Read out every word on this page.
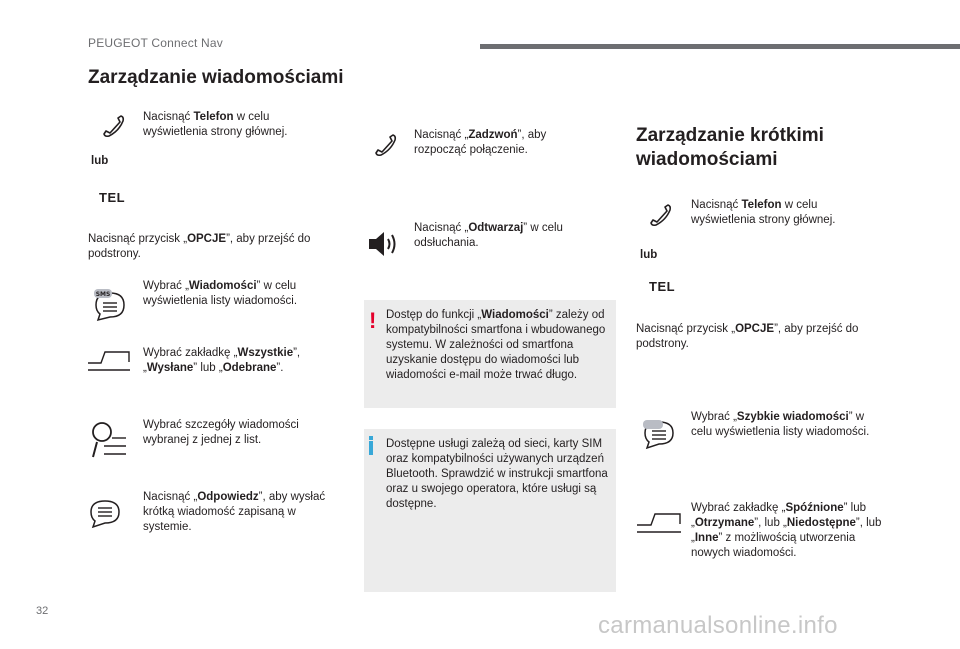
PEUGEOT Connect Nav
Zarządzanie wiadomościami
Nacisnąć Telefon w celu wyświetlenia strony głównej.
lub
TEL
Nacisnąć przycisk „OPCJE”, aby przejść do podstrony.
SMS
Wybrać „Wiadomości” w celu wyświetlenia listy wiadomości.
Wybrać zakładkę „Wszystkie”, „Wysłane” lub „Odebrane”.
Wybrać szczegóły wiadomości wybranej z jednej z list.
Nacisnąć „Odpowiedz”, aby wysłać krótką wiadomość zapisaną w systemie.
Nacisnąć „Zadzwoń”, aby rozpocząć połączenie.
Nacisnąć „Odtwarzaj” w celu odsłuchania.
! Dostęp do funkcji „Wiadomości” zależy od kompatybilności smartfona i wbudowanego systemu. W zależności od smartfona uzyskanie dostępu do wiadomości lub wiadomości e-mail może trwać długo.
Dostępne usługi zależą od sieci, karty SIM oraz kompatybilności używanych urządzeń Bluetooth. Sprawdzić w instrukcji smartfona oraz u swojego operatora, które usługi są dostępne.
Zarządzanie krótkimi wiadomościami
Nacisnąć Telefon w celu wyświetlenia strony głównej.
lub
TEL
Nacisnąć przycisk „OPCJE”, aby przejść do podstrony.
Wybrać „Szybkie wiadomości” w celu wyświetlenia listy wiadomości.
Wybrać zakładkę „Spóźnione” lub „Otrzymane”, lub „Niedostępne”, lub „Inne” z możliwością utworzenia nowych wiadomości.
32
carmanualsonline.info
